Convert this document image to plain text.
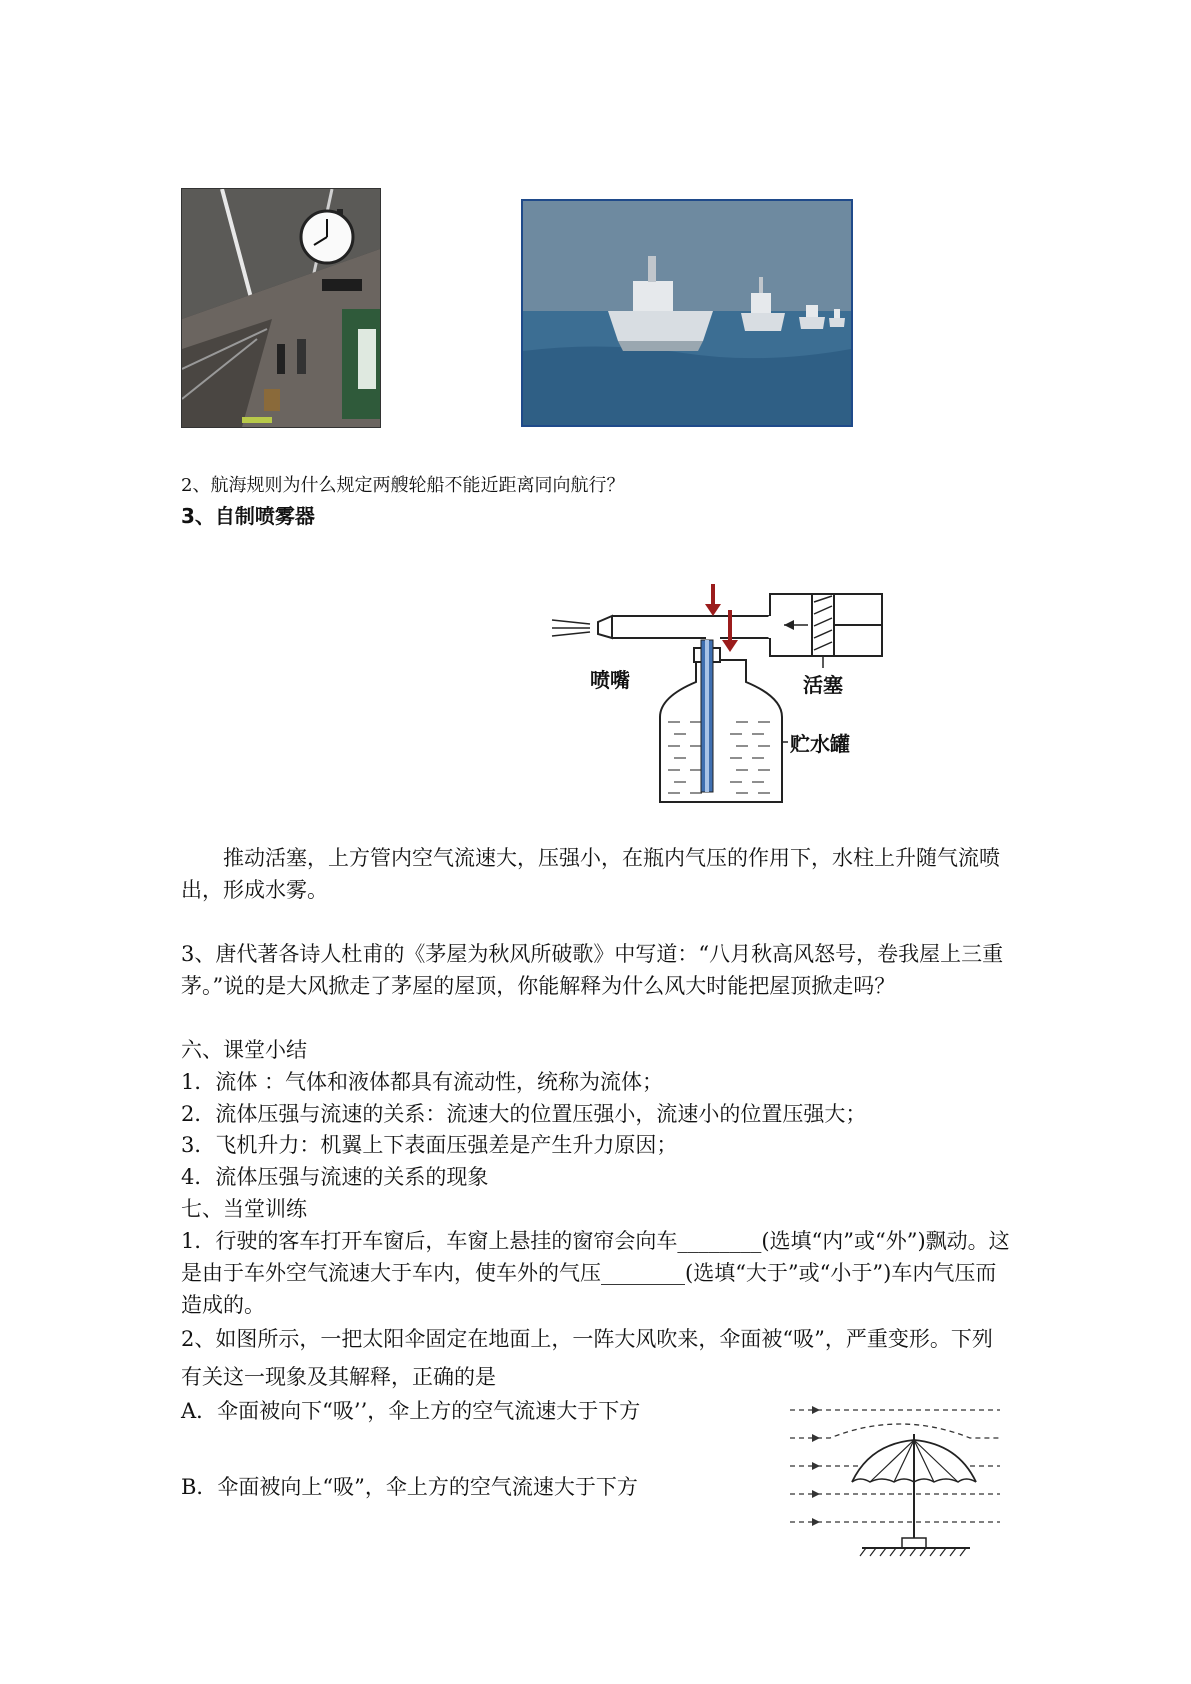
2、航海规则为什么规定两艘轮船不能近距离同向航行？
3、自制喷雾器
喷嘴	活塞
贮水罐
推动活塞，上方管内空气流速大，压强小，在瓶内气压的作用下，水柱上升随气流喷出，形成水雾。
3、唐代著各诗人杜甫的《茅屋为秋风所破歌》中写道：“八月秋高风怒号，卷我屋上三重茅。”说的是大风掀走了茅屋的屋顶，你能解释为什么风大时能把屋顶掀走吗？
六、课堂小结
1．流体 ：气体和液体都具有流动性，统称为流体；
2．流体压强与流速的关系：流速大的位置压强小，流速小的位置压强大；
3．飞机升力：机翼上下表面压强差是产生升力原因；
4．流体压强与流速的关系的现象
七、当堂训练
1．行驶的客车打开车窗后，车窗上悬挂的窗帘会向车________(选填“内”或“外”)飘动。这是由于车外空气流速大于车内，使车外的气压________(选填“大于”或“小于”)车内气压而造成的。
2、如图所示，一把太阳伞固定在地面上，一阵大风吹来，伞面被“吸”，严重变形。下列有关这一现象及其解释，正确的是
A．伞面被向下“吸’’，伞上方的空气流速大于下方
B．伞面被向上“吸”，伞上方的空气流速大于下方
